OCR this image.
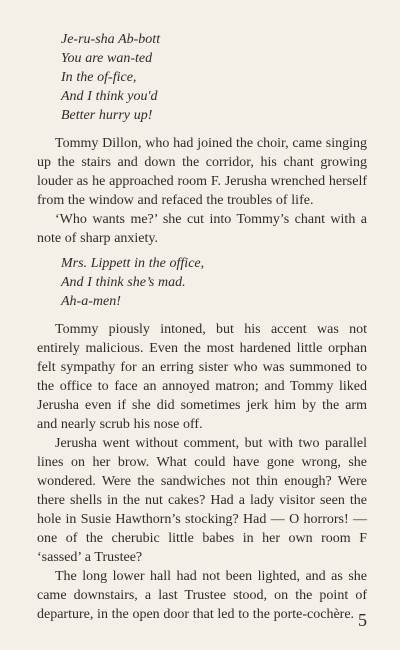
Je-ru-sha Ab-bott
You are wan-ted
In the of-fice,
And I think you'd
Better hurry up!

Tommy Dillon, who had joined the choir, came singing up the stairs and down the corridor, his chant growing louder as he approached room F. Jerusha wrenched herself from the window and refaced the troubles of life.

‘Who wants me?’ she cut into Tommy’s chant with a note of sharp anxiety.

Mrs. Lippett in the office,
And I think she’s mad.
Ah-a-men!

Tommy piously intoned, but his accent was not entirely malicious. Even the most hardened little orphan felt sympathy for an erring sister who was summoned to the office to face an annoyed matron; and Tommy liked Jerusha even if she did sometimes jerk him by the arm and nearly scrub his nose off.

Jerusha went without comment, but with two parallel lines on her brow. What could have gone wrong, she wondered. Were the sandwiches not thin enough? Were there shells in the nut cakes? Had a lady visitor seen the hole in Susie Hawthorn’s stocking? Had — O horrors! — one of the cherubic little babes in her own room F ‘sassed’ a Trustee?

The long lower hall had not been lighted, and as she came downstairs, a last Trustee stood, on the point of departure, in the open door that led to the porte-cochère. 5
